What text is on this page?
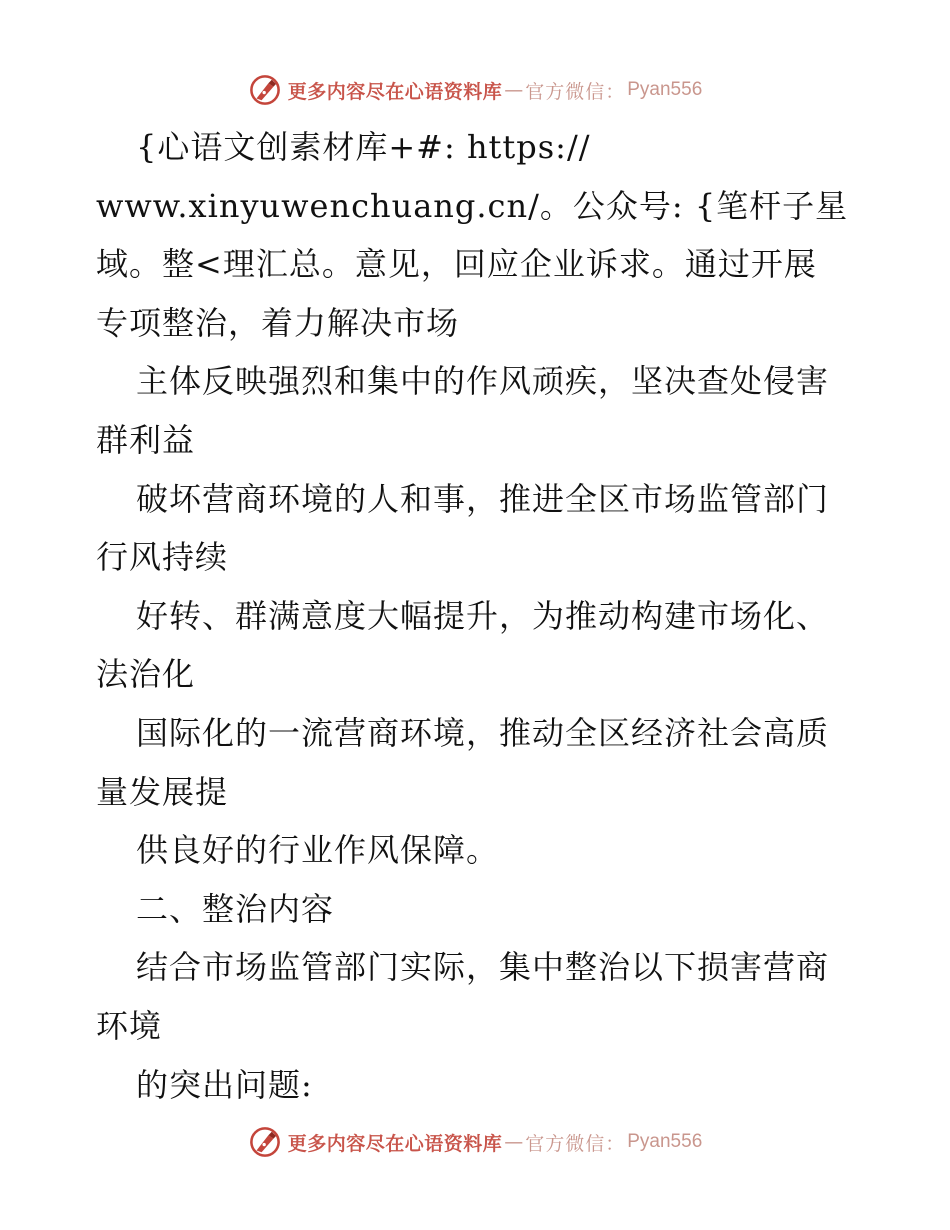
更多内容尽在心语资料库 — 官方微信： Pyan556
{心语文创素材库+#: https://
www.xinyuwenchuang.cn/。公众号: {笔杆子星
域。整<理汇总。意见，回应企业诉求。通过开展
专项整治，着力解决市场
主体反映强烈和集中的作风顽疾，坚决查处侵害
群利益
破坏营商环境的人和事，推进全区市场监管部门
行风持续
好转、群满意度大幅提升，为推动构建市场化、
法治化
国际化的一流营商环境，推动全区经济社会高质
量发展提
供良好的行业作风保障。
二、整治内容
结合市场监管部门实际，集中整治以下损害营商
环境
的突出问题:
更多内容尽在心语资料库 — 官方微信： Pyan556
